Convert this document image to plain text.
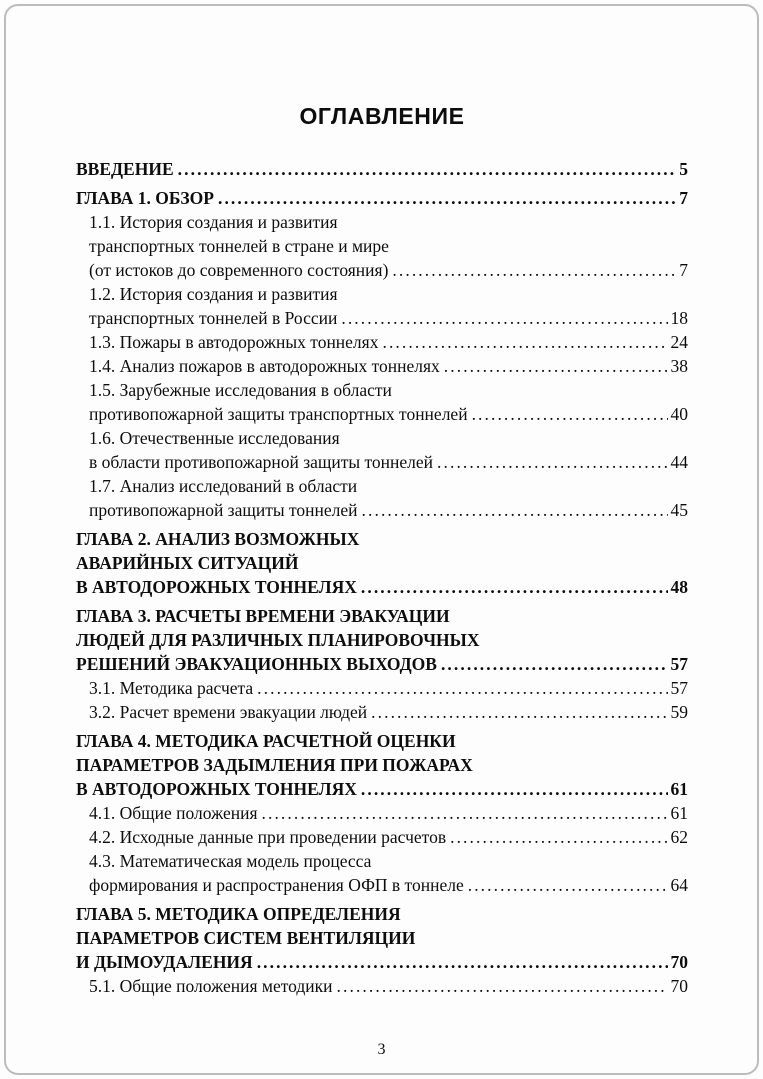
ОГЛАВЛЕНИЕ
ВВЕДЕНИЕ .....	5
ГЛАВА 1. ОБЗОР .....	7
1.1. История создания и развития
транспортных тоннелей в стране и мире
(от истоков до современного состояния) .....	7
1.2. История создания и развития
транспортных тоннелей в России .....	18
1.3. Пожары в автодорожных тоннелях .....	24
1.4. Анализ пожаров в автодорожных тоннелях .....	38
1.5. Зарубежные исследования в области
противопожарной защиты транспортных тоннелей .....	40
1.6. Отечественные исследования
в области противопожарной защиты тоннелей .....	44
1.7. Анализ исследований в области
противопожарной защиты тоннелей .....	45
ГЛАВА 2. АНАЛИЗ ВОЗМОЖНЫХ
АВАРИЙНЫХ СИТУАЦИЙ
В АВТОДОРОЖНЫХ ТОННЕЛЯХ .....	48
ГЛАВА 3. РАСЧЕТЫ ВРЕМЕНИ ЭВАКУАЦИИ
ЛЮДЕЙ ДЛЯ РАЗЛИЧНЫХ ПЛАНИРОВОЧНЫХ
РЕШЕНИЙ ЭВАКУАЦИОННЫХ ВЫХОДОВ .....	57
3.1. Методика расчета .....	57
3.2. Расчет времени эвакуации людей .....	59
ГЛАВА 4. МЕТОДИКА РАСЧЕТНОЙ ОЦЕНКИ
ПАРАМЕТРОВ ЗАДЫМЛЕНИЯ ПРИ ПОЖАРАХ
В АВТОДОРОЖНЫХ ТОННЕЛЯХ .....	61
4.1. Общие положения .....	61
4.2. Исходные данные при проведении расчетов .....	62
4.3. Математическая модель процесса
формирования и распространения ОФП в тоннеле .....	64
ГЛАВА 5. МЕТОДИКА ОПРЕДЕЛЕНИЯ
ПАРАМЕТРОВ СИСТЕМ ВЕНТИЛЯЦИИ
И ДЫМОУДАЛЕНИЯ .....	70
5.1. Общие положения методики .....	70
3
